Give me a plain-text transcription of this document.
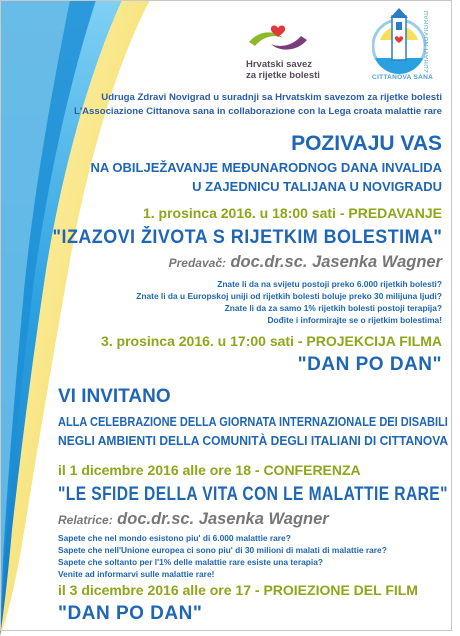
Hrvatski savez
za rijetke bolesti	CITTANOVA SANA
ZDRAVI NOVIGRAD
Udruga Zdravi Novigrad u suradnji sa Hrvatskim savezom za rijetke bolesti
L'Associazione Cittanova sana in collaborazione con la Lega croata malattie rare
POZIVAJU VAS
NA OBILJEŽAVANJE MEĐUNARODNOG DANA INVALIDA
U ZAJEDNICU TALIJANA U NOVIGRADU
1. prosinca 2016. u 18:00 sati - PREDAVANJE
"IZAZOVI ŽIVOTA S RIJETKIM BOLESTIMA"
Predavač: doc.dr.sc. Jasenka Wagner
Znate li da na svijetu postoji preko 6.000 rijetkih bolesti?
Znate li da u Europskoj uniji od rijetkih bolesti boluje preko 30 milijuna ljudi?
Znate li da za samo 1% rijetkih bolesti postoji terapija?
Dođite i informirajte se o rijetkim bolestima!
3. prosinca 2016. u 17:00 sati - PROJEKCIJA FILMA
"DAN PO DAN"
VI INVITANO
ALLA CELEBRAZIONE DELLA GIORNATA INTERNAZIONALE DEI DISABILI
NEGLI AMBIENTI DELLA COMUNITÀ DEGLI ITALIANI DI CITTANOVA
il 1 dicembre 2016 alle ore 18 - CONFERENZA
"LE SFIDE DELLA VITA CON LE MALATTIE RARE"
Relatrice: doc.dr.sc. Jasenka Wagner
Sapete che nel mondo esistono piu' di 6.000 malattie rare?
Sapete che nell'Unione europea ci sono piu' di 30 milioni di malati di malattie rare?
Sapete che soltanto per l'1% delle malattie rare esiste una terapia?
Venite ad informarvi sulle malattie rare!
il 3 dicembre 2016 alle ore 17 - PROIEZIONE DEL FILM
"DAN PO DAN"
